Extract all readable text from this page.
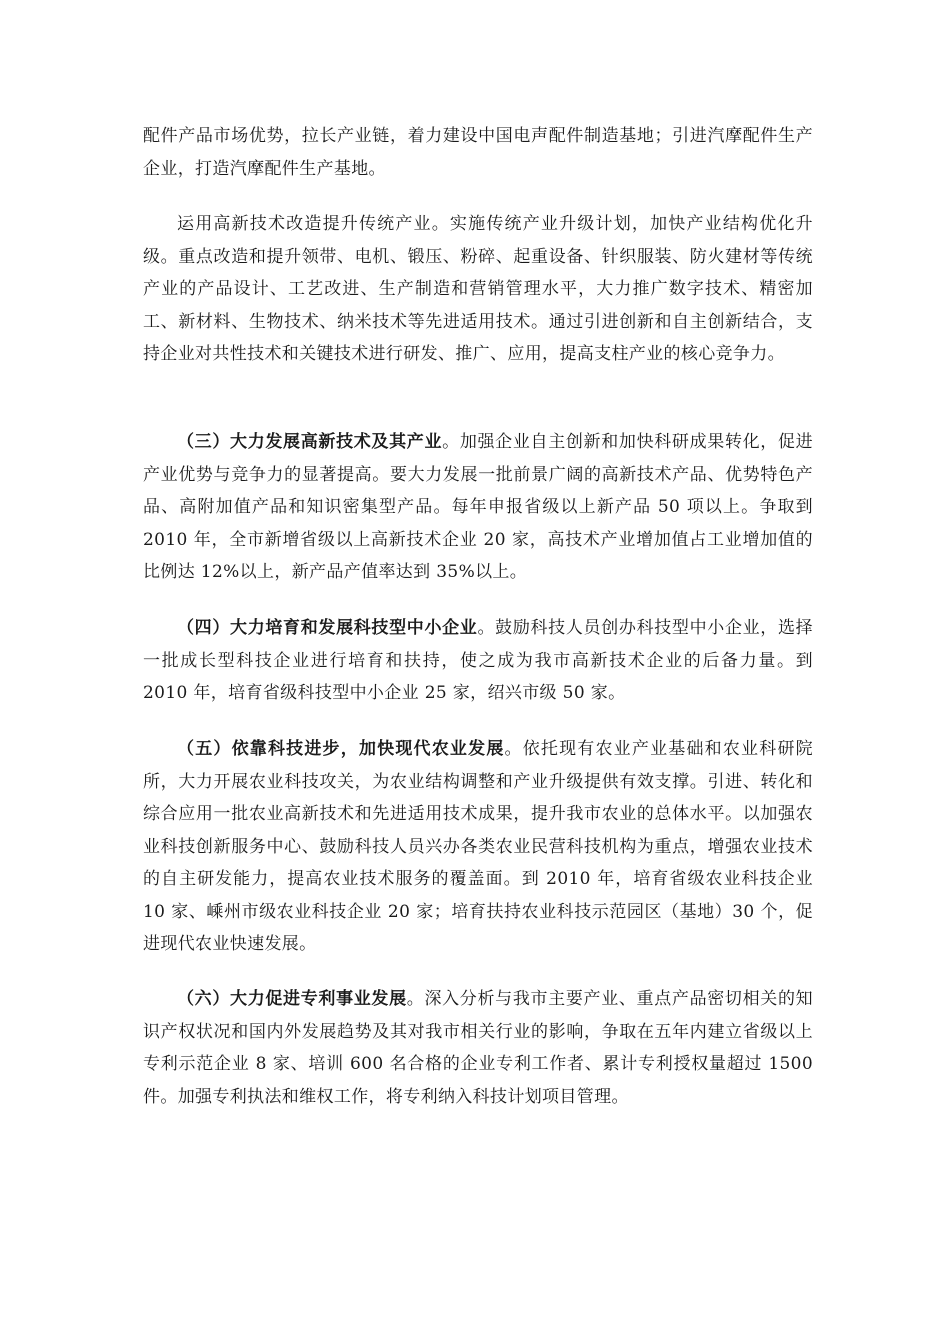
配件产品市场优势，拉长产业链，着力建设中国电声配件制造基地；引进汽摩配件生产企业，打造汽摩配件生产基地。

运用高新技术改造提升传统产业。实施传统产业升级计划，加快产业结构优化升级。重点改造和提升领带、电机、锻压、粉碎、起重设备、针织服装、防火建材等传统产业的产品设计、工艺改进、生产制造和营销管理水平，大力推广数字技术、精密加工、新材料、生物技术、纳米技术等先进适用技术。通过引进创新和自主创新结合，支持企业对共性技术和关键技术进行研发、推广、应用，提高支柱产业的核心竞争力。

（三）大力发展高新技术及其产业。加强企业自主创新和加快科研成果转化，促进产业优势与竞争力的显著提高。要大力发展一批前景广阔的高新技术产品、优势特色产品、高附加值产品和知识密集型产品。每年申报省级以上新产品 50 项以上。争取到 2010 年，全市新增省级以上高新技术企业 20 家，高技术产业增加值占工业增加值的比例达 12%以上，新产品产值率达到 35%以上。

（四）大力培育和发展科技型中小企业。鼓励科技人员创办科技型中小企业，选择一批成长型科技企业进行培育和扶持，使之成为我市高新技术企业的后备力量。到 2010 年，培育省级科技型中小企业 25 家，绍兴市级 50 家。

（五）依靠科技进步，加快现代农业发展。依托现有农业产业基础和农业科研院所，大力开展农业科技攻关，为农业结构调整和产业升级提供有效支撑。引进、转化和综合应用一批农业高新技术和先进适用技术成果，提升我市农业的总体水平。以加强农业科技创新服务中心、鼓励科技人员兴办各类农业民营科技机构为重点，增强农业技术的自主研发能力，提高农业技术服务的覆盖面。到 2010 年，培育省级农业科技企业 10 家、嵊州市级农业科技企业 20 家；培育扶持农业科技示范园区（基地）30 个，促进现代农业快速发展。

（六）大力促进专利事业发展。深入分析与我市主要产业、重点产品密切相关的知识产权状况和国内外发展趋势及其对我市相关行业的影响，争取在五年内建立省级以上专利示范企业 8 家、培训 600 名合格的企业专利工作者、累计专利授权量超过 1500 件。加强专利执法和维权工作，将专利纳入科技计划项目管理。
